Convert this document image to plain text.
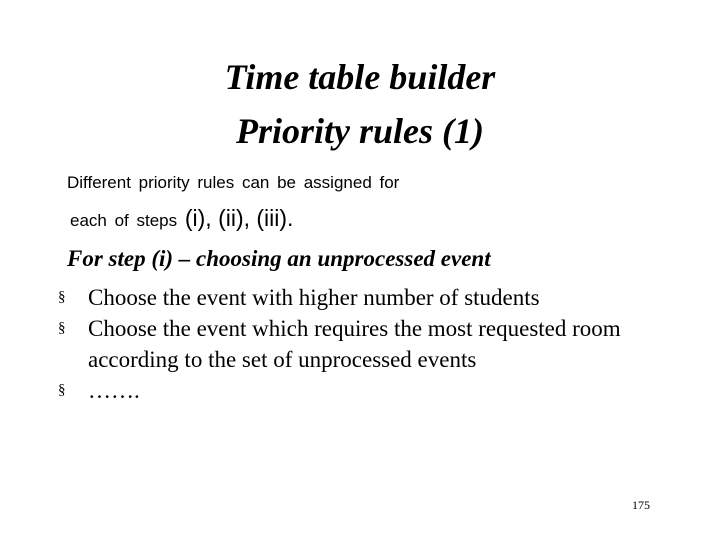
Time table builder
Priority rules (1)
Different priority rules can be assigned for
each of steps (i), (ii), (iii).
For step (i) – choosing an unprocessed event
§ Choose the event with higher number of students
§ Choose the event which requires the most requested room according to the set of unprocessed events
§ …….
175
